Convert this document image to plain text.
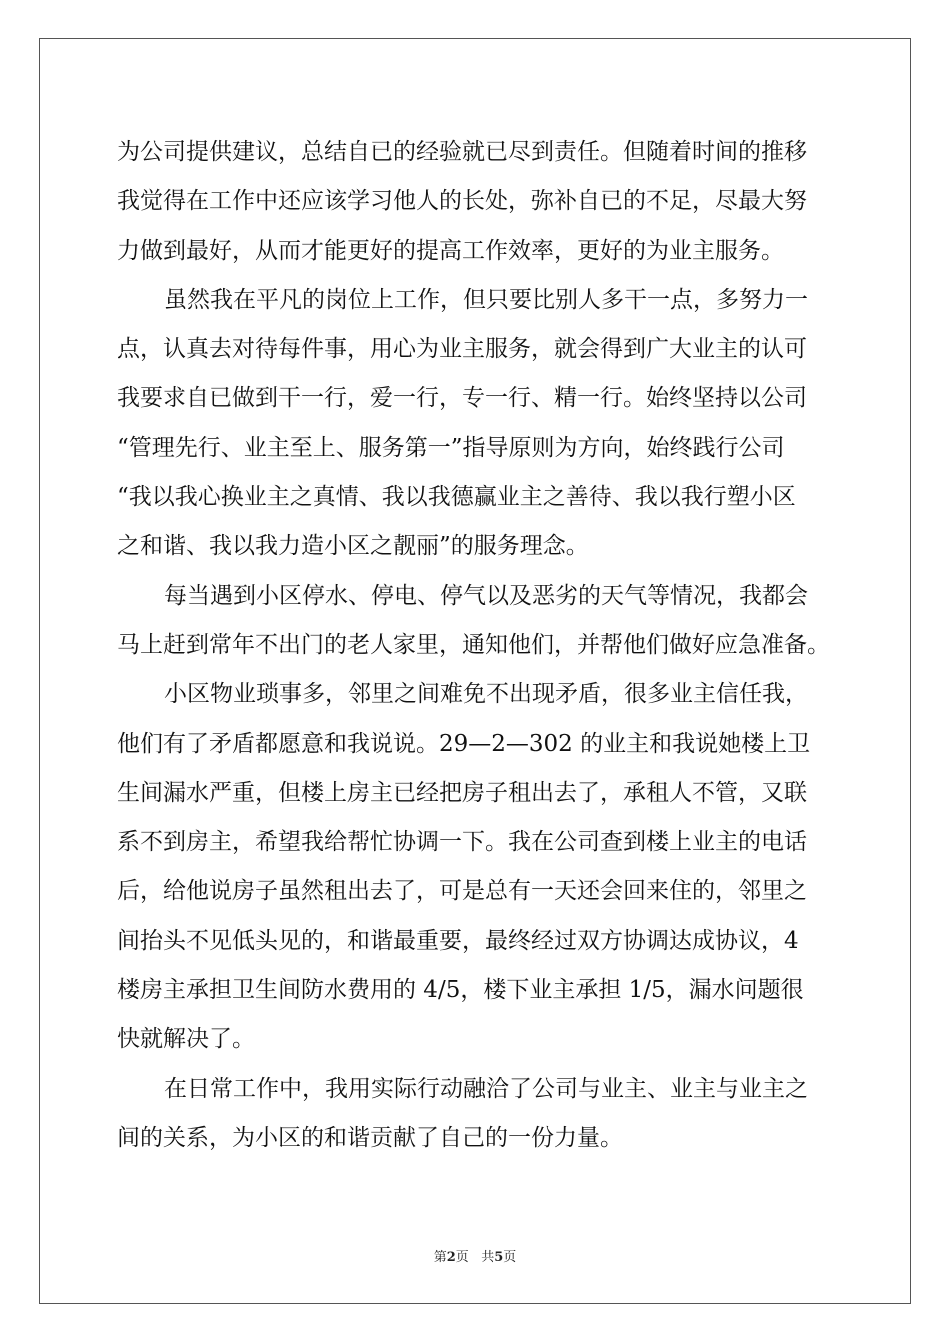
为公司提供建议，总结自已的经验就已尽到责任。但随着时间的推移
我觉得在工作中还应该学习他人的长处，弥补自已的不足，尽最大努
力做到最好，从而才能更好的提高工作效率，更好的为业主服务。
虽然我在平凡的岗位上工作，但只要比别人多干一点，多努力一
点，认真去对待每件事，用心为业主服务，就会得到广大业主的认可
我要求自已做到干一行，爱一行，专一行、精一行。始终坚持以公司
“管理先行、业主至上、服务第一”指导原则为方向，始终践行公司
“我以我心换业主之真情、我以我德赢业主之善待、我以我行塑小区
之和谐、我以我力造小区之靓丽”的服务理念。
每当遇到小区停水、停电、停气以及恶劣的天气等情况，我都会
马上赶到常年不出门的老人家里，通知他们，并帮他们做好应急准备。
小区物业琐事多，邻里之间难免不出现矛盾，很多业主信任我，
他们有了矛盾都愿意和我说说。29—2—302 的业主和我说她楼上卫
生间漏水严重，但楼上房主已经把房子租出去了，承租人不管，又联
系不到房主，希望我给帮忙协调一下。我在公司查到楼上业主的电话
后，给他说房子虽然租出去了，可是总有一天还会回来住的，邻里之
间抬头不见低头见的，和谐最重要，最终经过双方协调达成协议，4
楼房主承担卫生间防水费用的 4/5，楼下业主承担 1/5，漏水问题很
快就解决了。
在日常工作中，我用实际行动融洽了公司与业主、业主与业主之
间的关系，为小区的和谐贡献了自己的一份力量。
第2页 共5页
